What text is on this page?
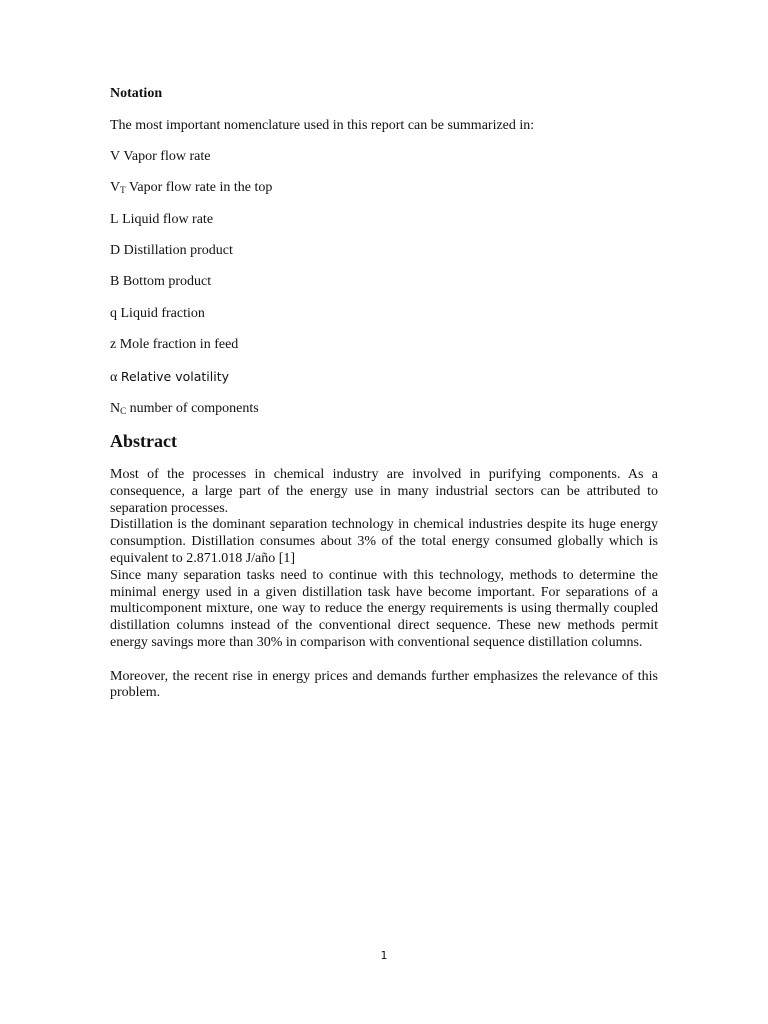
Notation
The most important nomenclature used in this report can be summarized in:
V Vapor flow rate
$V_T$ Vapor flow rate in the top
L Liquid flow rate
D Distillation product
B Bottom product
q Liquid fraction
z Mole fraction in feed
α Relative volatility
$N_C$ number of components
Abstract

Most of the processes in chemical industry are involved in purifying components. As a consequence, a large part of the energy use in many industrial sectors can be attributed to separation processes.

Distillation is the dominant separation technology in chemical industries despite its huge energy consumption. Distillation consumes about 3% of the total energy consumed globally which is equivalent to 2.871.018 J/año [1]

Since many separation tasks need to continue with this technology, methods to determine the minimal energy used in a given distillation task have become important. For separations of a multicomponent mixture, one way to reduce the energy requirements is using thermally coupled distillation columns instead of the conventional direct sequence. These new methods permit energy savings more than 30% in comparison with conventional sequence distillation columns.

Moreover, the recent rise in energy prices and demands further emphasizes the relevance of this problem.

1
